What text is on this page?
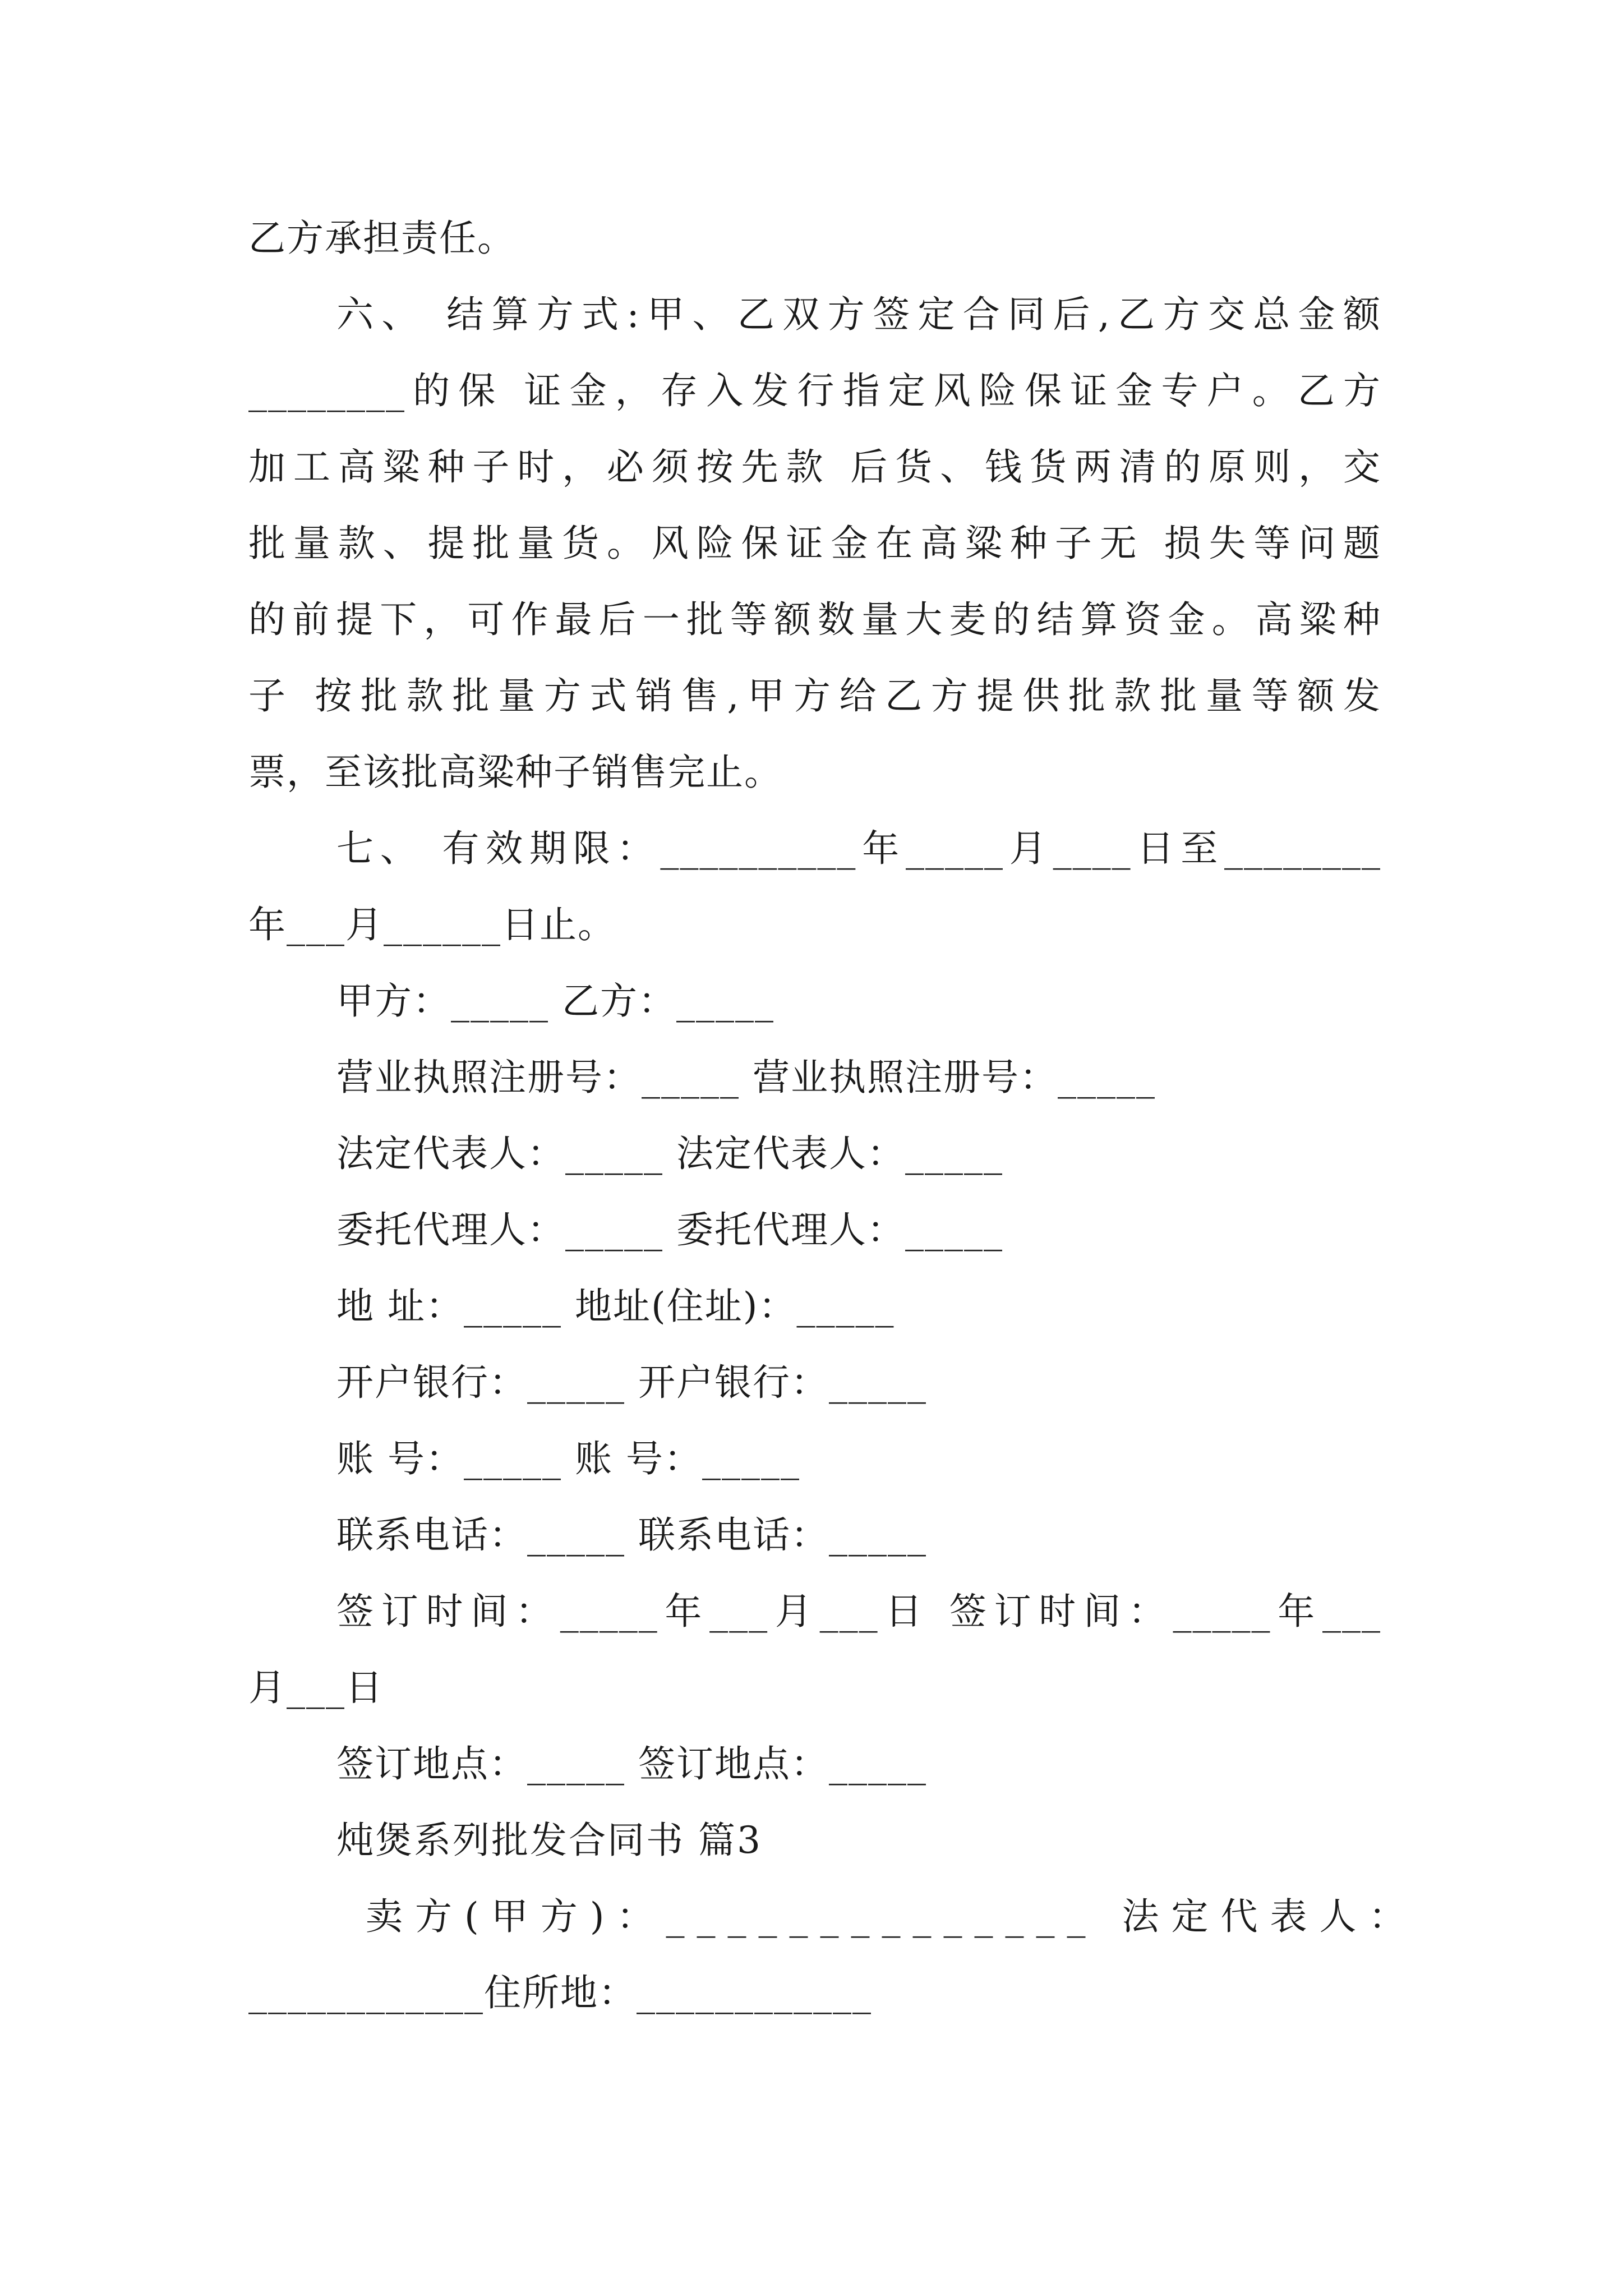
乙方承担责任。
六、 结算方式:甲、乙双方签定合同后,乙方交总金额
________的保 证金，存入发行指定风险保证金专户。乙方
加工高粱种子时，必须按先款 后货、钱货两清的原则，交
批量款、提批量货。风险保证金在高粱种子无 损失等问题
的前提下，可作最后一批等额数量大麦的结算资金。高粱种
子 按批款批量方式销售,甲方给乙方提供批款批量等额发
票，至该批高粱种子销售完止。
七、 有效期限：__________年_____月____日至________
年___月______日止。
甲方：_____ 乙方：_____
营业执照注册号：_____ 营业执照注册号：_____
法定代表人：_____ 法定代表人：_____
委托代理人：_____ 委托代理人：_____
地 址：_____ 地址(住址)：_____
开户银行：_____ 开户银行：_____
账 号：_____ 账 号：_____
联系电话：_____ 联系电话：_____
签订时间：_____年___月___日 签订时间：_____年___
月___日
签订地点：_____ 签订地点：_____
炖煲系列批发合同书 篇3
卖方(甲方)：______________ 法定代表人：
____________住所地：____________
